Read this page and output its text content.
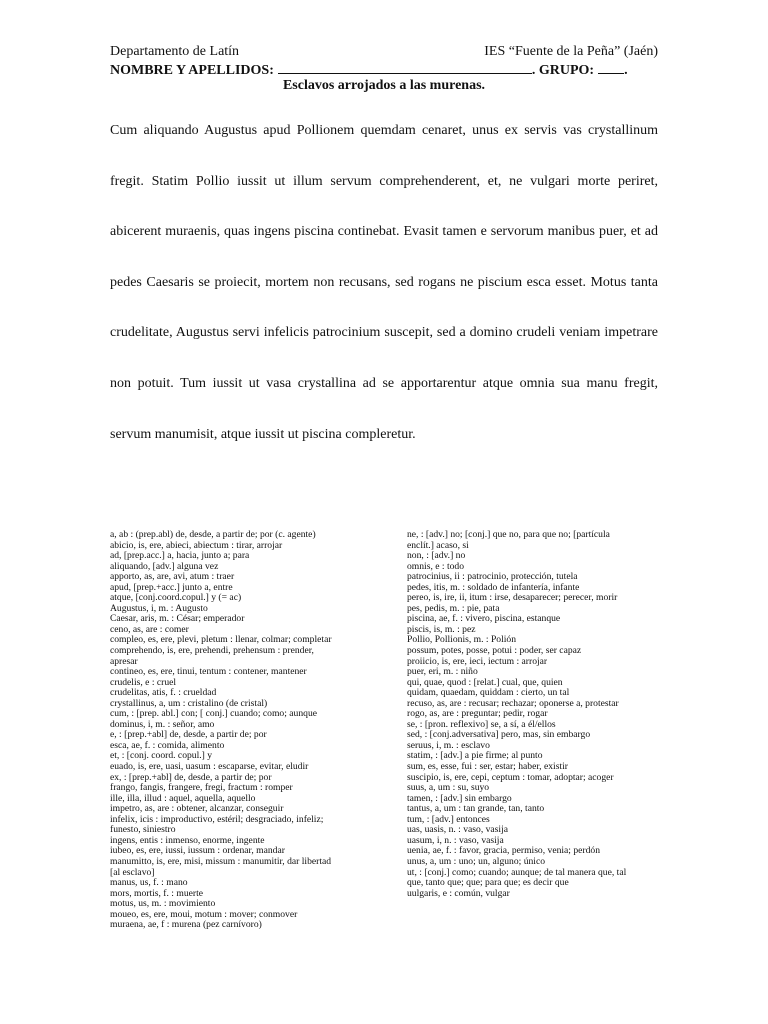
Departamento de Latín	IES “Fuente de la Peña” (Jaén)
NOMBRE Y APELLIDOS:	. GRUPO: .
Esclavos arrojados a las murenas.

Cum aliquando Augustus apud Pollionem quemdam cenaret, unus ex servis vas crystallinum fregit. Statim Pollio iussit ut illum servum comprehenderent, et, ne vulgari morte periret, abicerent muraenis, quas ingens piscina continebat. Evasit tamen e servorum manibus puer, et ad pedes Caesaris se proiecit, mortem non recusans, sed rogans ne piscium esca esset. Motus tanta crudelitate, Augustus servi infelicis patrocinium suscepit, sed a domino crudeli veniam impetrare non potuit. Tum iussit ut vasa crystallina ad se apportarentur atque omnia sua manu fregit, servum manumisit, atque iussit ut piscina compleretur.

a, ab : (prep.abl) de, desde, a partir de; por (c. agente)
abicio, is, ere, abieci, abiectum : tirar, arrojar
ad, [prep.acc.] a, hacia, junto a; para
aliquando, [adv.] alguna vez
apporto, as, are, avi, atum : traer
apud, [prep.+acc.] junto a, entre
atque, [conj.coord.copul.] y (= ac)
Augustus, i, m. : Augusto
Caesar, aris, m. : César; emperador
ceno, as, are : comer
compleo, es, ere, plevi, pletum : llenar, colmar; completar
comprehendo, is, ere, prehendi, prehensum : prender,
apresar
contineo, es, ere, tinui, tentum : contener, mantener
crudelis, e : cruel
crudelitas, atis, f. : crueldad
crystallinus, a, um : cristalino (de cristal)
cum, : [prep. abl.] con; [ conj.] cuando; como; aunque
dominus, i, m. : señor, amo
e, : [prep.+abl] de, desde, a partir de; por
esca, ae, f. : comida, alimento
et, : [conj. coord. copul.] y
euado, is, ere, uasi, uasum : escaparse, evitar, eludir
ex, : [prep.+abl] de, desde, a partir de; por
frango, fangis, frangere, fregi, fractum : romper
ille, illa, illud : aquel, aquella, aquello
impetro, as, are : obtener, alcanzar, conseguir
infelix, icis : improductivo, estéril; desgraciado, infeliz;
funesto, siniestro
ingens, entis : inmenso, enorme, ingente
iubeo, es, ere, iussi, iussum : ordenar, mandar
manumitto, is, ere, misi, missum : manumitir, dar libertad
[al esclavo]
manus, us, f. : mano
mors, mortis, f. : muerte
motus, us, m. : movimiento
moueo, es, ere, moui, motum : mover; conmover
muraena, ae, f : murena (pez carnívoro)
ne, : [adv.] no; [conj.] que no, para que no; [partícula
enclít.] acaso, si
non, : [adv.] no
omnis, e : todo
patrocinius, ii : patrocinio, protección, tutela
pedes, itis, m. : soldado de infantería, infante
pereo, is, ire, ii, itum : irse, desaparecer; perecer, morir
pes, pedis, m. : pie, pata
piscina, ae, f. : vivero, piscina, estanque
piscis, is, m. : pez
Pollio, Pollionis, m. : Polión
possum, potes, posse, potui : poder, ser capaz
proiicio, is, ere, ieci, iectum : arrojar
puer, eri, m. : niño
qui, quae, quod : [relat.] cual, que, quien
quidam, quaedam, quiddam : cierto, un tal
recuso, as, are : recusar; rechazar; oponerse a, protestar
rogo, as, are : preguntar; pedir, rogar
se, : [pron. reflexivo] se, a sí, a él/ellos
sed, : [conj.adversativa] pero, mas, sin embargo
seruus, i, m. : esclavo
statim, : [adv.] a pie firme; al punto
sum, es, esse, fui : ser, estar; haber, existir
suscipio, is, ere, cepi, ceptum : tomar, adoptar; acoger
suus, a, um : su, suyo
tamen, : [adv.] sin embargo
tantus, a, um : tan grande, tan, tanto
tum, : [adv.] entonces
uas, uasis, n. : vaso, vasija
uasum, i, n. : vaso, vasija
uenia, ae, f. : favor, gracia, permiso, venia; perdón
unus, a, um : uno; un, alguno; único
ut, : [conj.] como; cuando; aunque; de tal manera que, tal
que, tanto que; que; para que; es decir que
uulgaris, e : común, vulgar
